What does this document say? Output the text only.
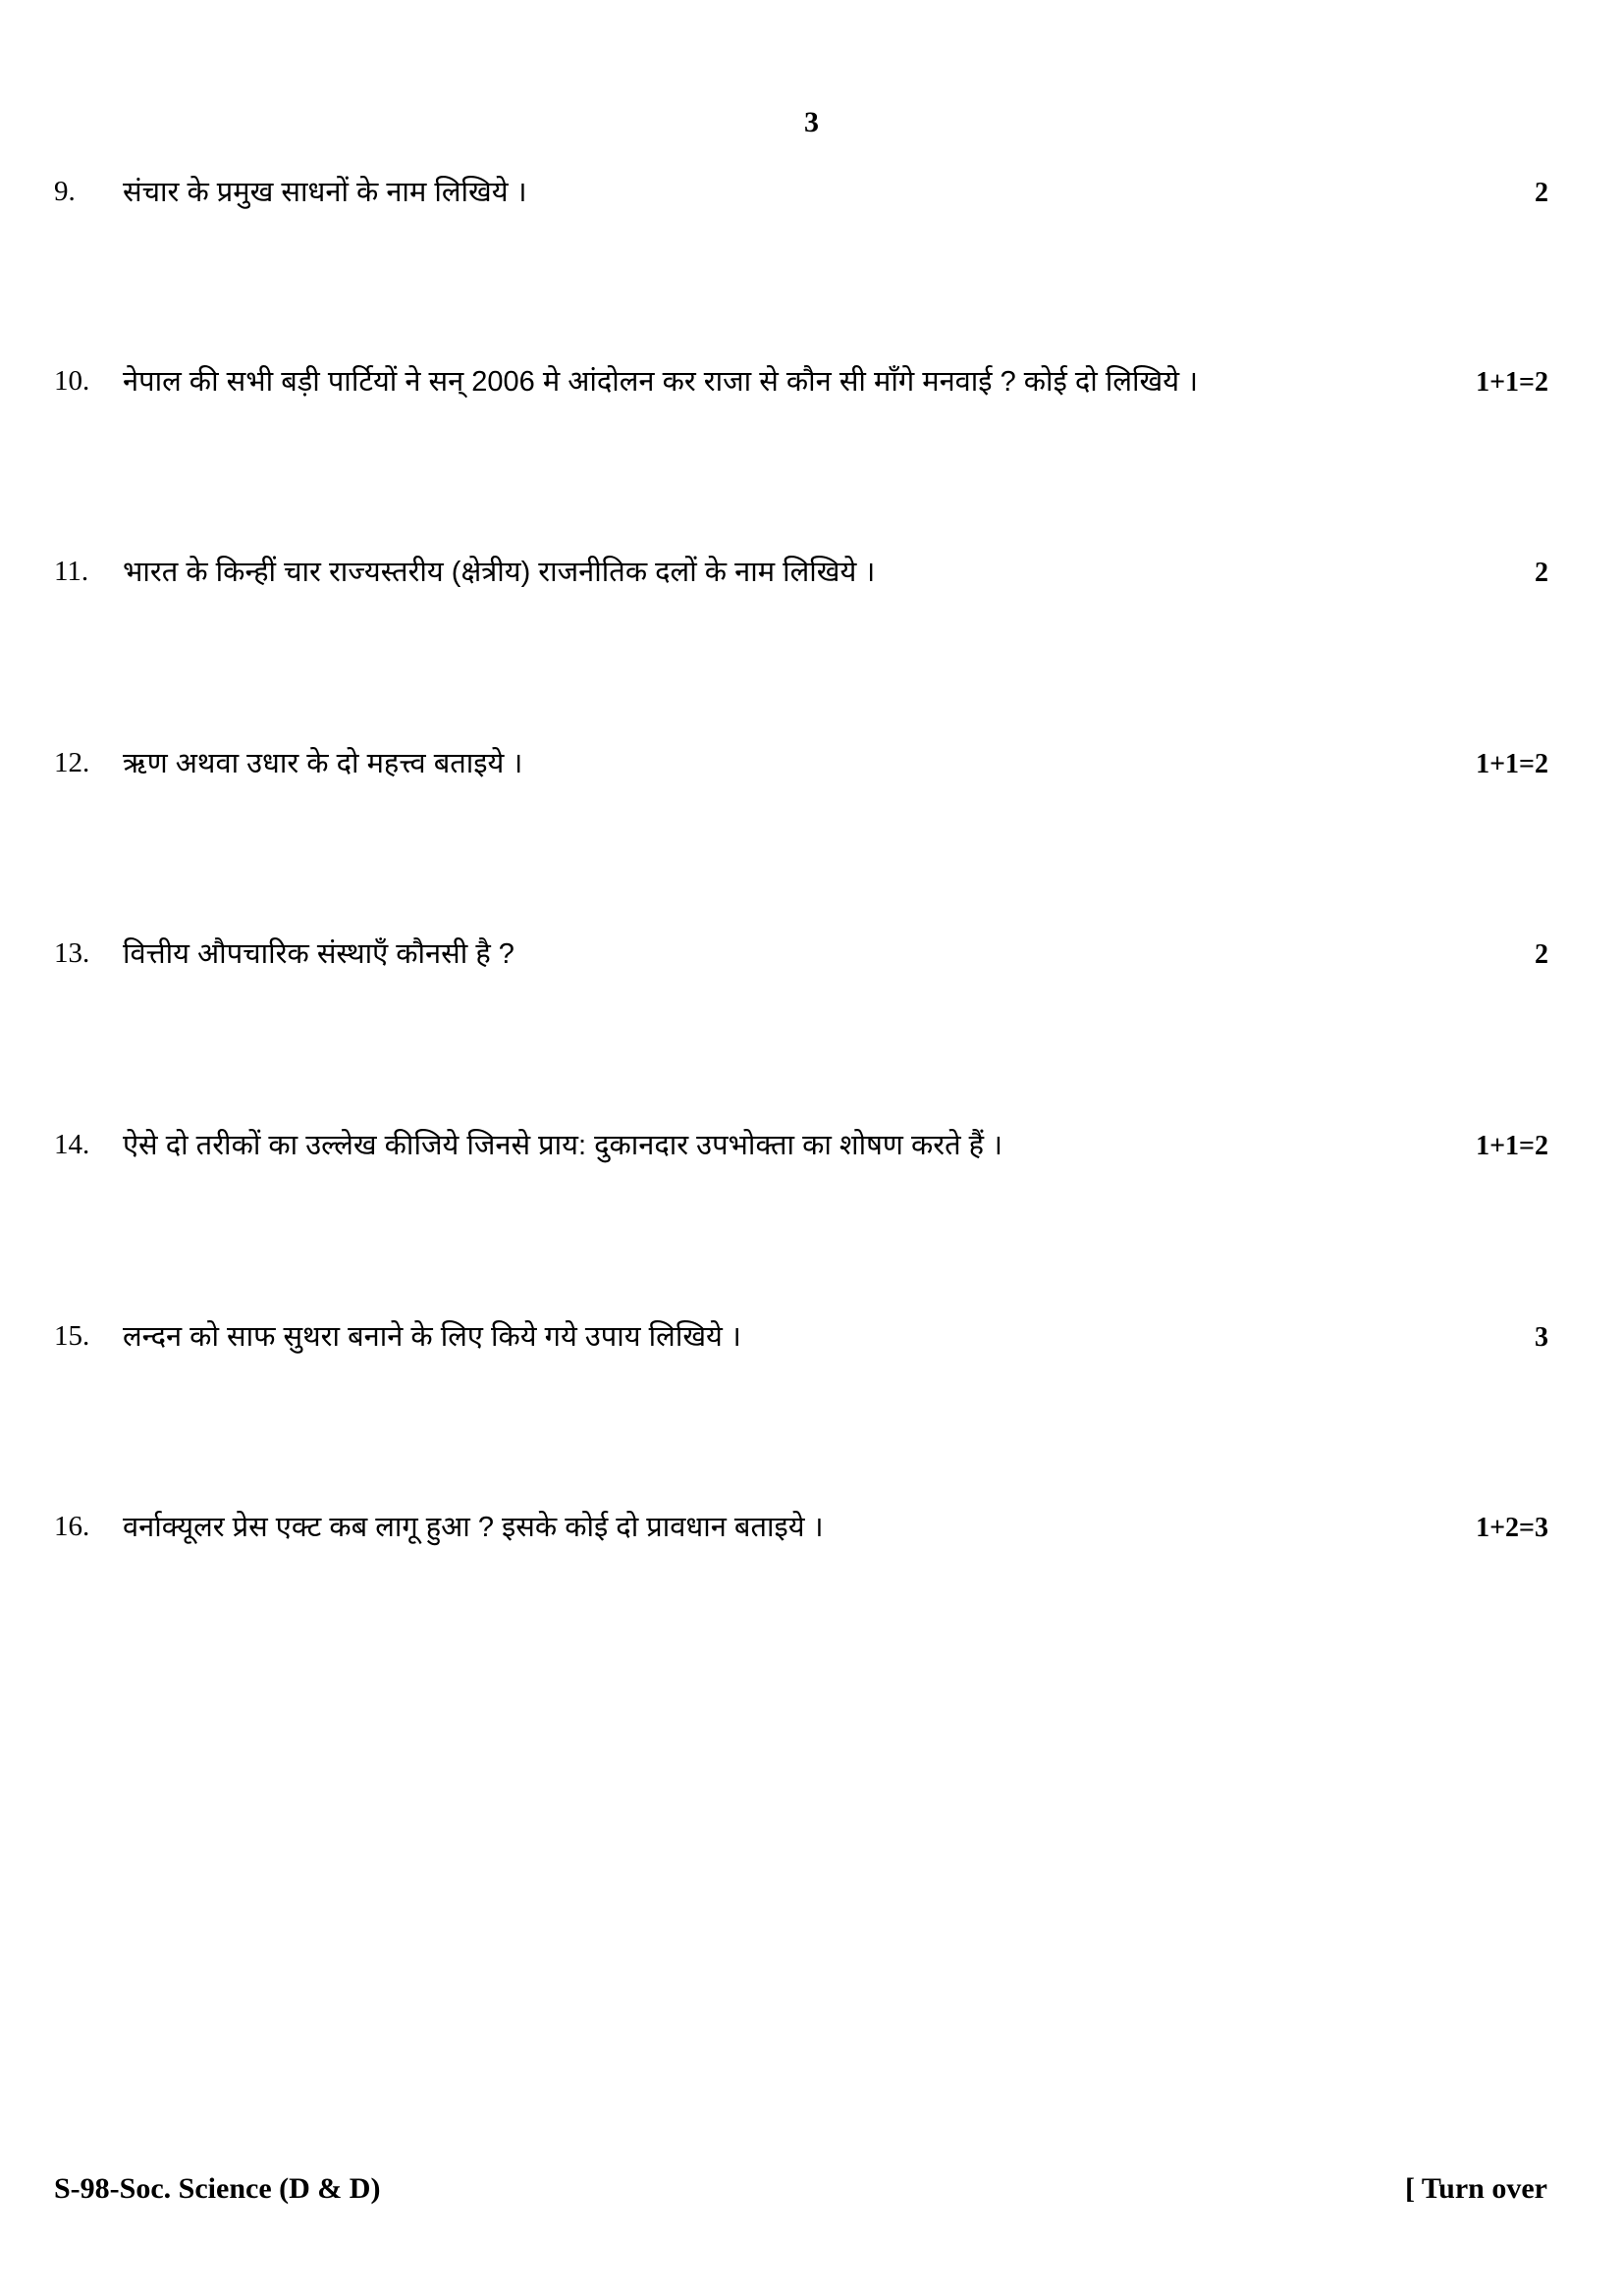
3
9.	संचार के प्रमुख साधनों के नाम लिखिये ।	2
10.	नेपाल की सभी बड़ी पार्टियों ने सन् 2006 मे आंदोलन कर राजा से कौन सी माँगे मनवाई ? कोई दो लिखिये ।	1+1=2
11.	भारत के किन्हीं चार राज्यस्तरीय (क्षेत्रीय) राजनीतिक दलों के नाम लिखिये ।	2
12.	ऋण अथवा उधार के दो महत्त्व बताइये ।	1+1=2
13.	वित्तीय औपचारिक संस्थाएँ कौनसी है ?	2
14.	ऐसे दो तरीकों का उल्लेख कीजिये जिनसे प्राय: दुकानदार उपभोक्ता का शोषण करते हैं ।	1+1=2
15.	लन्दन को साफ सुथरा बनाने के लिए किये गये उपाय लिखिये ।	3
16.	वर्नाक्यूलर प्रेस एक्ट कब लागू हुआ ? इसके कोई दो प्रावधान बताइये ।	1+2=3
S-98-Soc. Science (D & D)	[ Turn over
